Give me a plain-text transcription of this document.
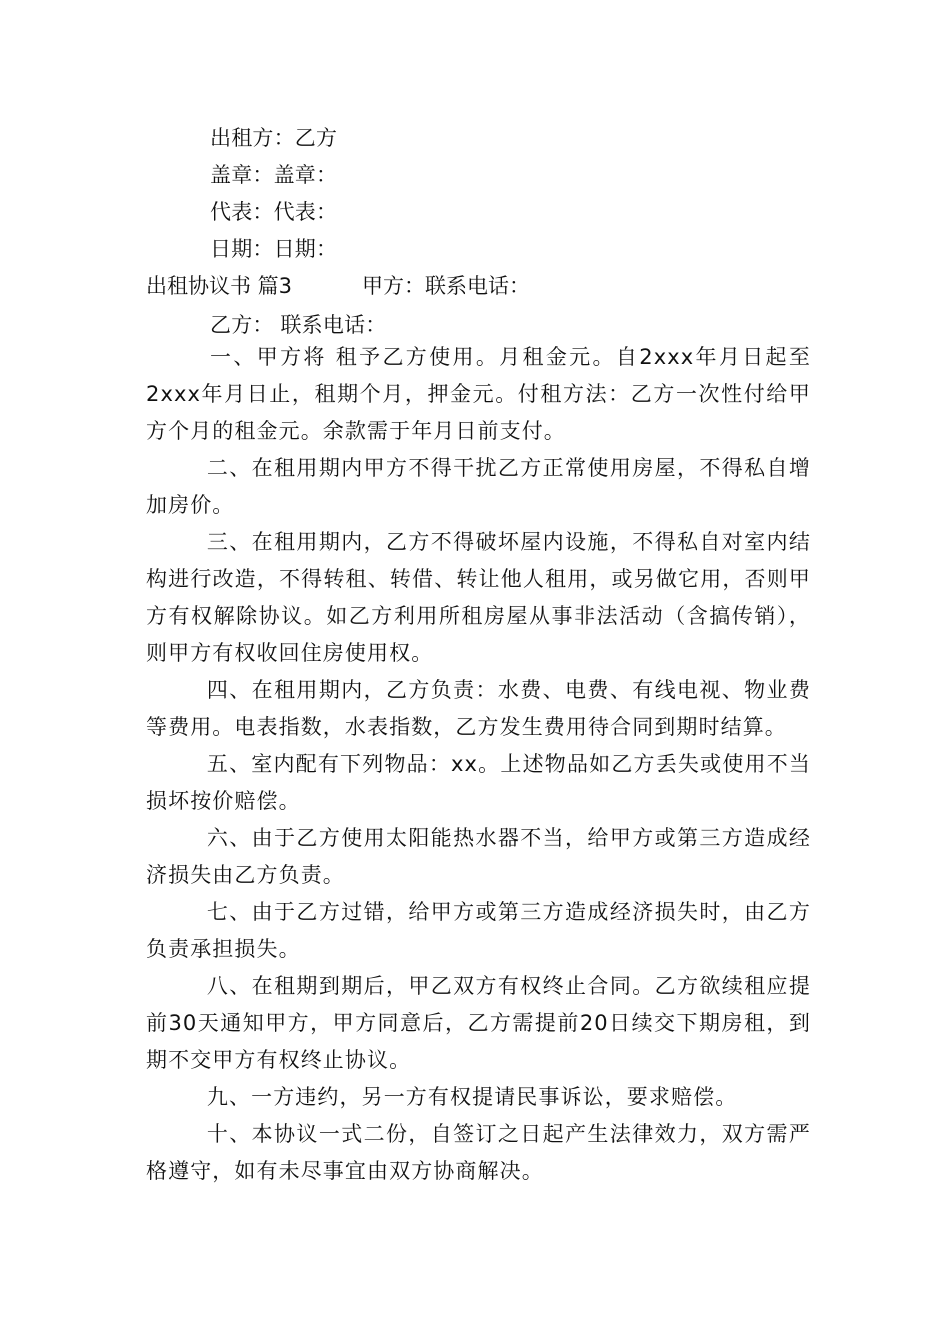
出租方：乙方
盖章：盖章：
代表：代表：
日期：日期：
出租协议书 篇3	甲方：联系电话：
乙方： 联系电话：
一、甲方将 租予乙方使用。月租金元。自2xxx年月日起至2xxx年月日止，租期个月，押金元。付租方法：乙方一次性付给甲方个月的租金元。余款需于年月日前支付。
二、在租用期内甲方不得干扰乙方正常使用房屋，不得私自增加房价。
三、在租用期内，乙方不得破坏屋内设施，不得私自对室内结构进行改造，不得转租、转借、转让他人租用，或另做它用，否则甲方有权解除协议。如乙方利用所租房屋从事非法活动（含搞传销），则甲方有权收回住房使用权。
四、在租用期内，乙方负责：水费、电费、有线电视、物业费等费用。电表指数，水表指数，乙方发生费用待合同到期时结算。
五、室内配有下列物品：xx。上述物品如乙方丢失或使用不当损坏按价赔偿。
六、由于乙方使用太阳能热水器不当，给甲方或第三方造成经济损失由乙方负责。
七、由于乙方过错，给甲方或第三方造成经济损失时，由乙方负责承担损失。
八、在租期到期后，甲乙双方有权终止合同。乙方欲续租应提前30天通知甲方，甲方同意后，乙方需提前20日续交下期房租，到期不交甲方有权终止协议。
九、一方违约，另一方有权提请民事诉讼，要求赔偿。
十、本协议一式二份，自签订之日起产生法律效力，双方需严格遵守，如有未尽事宜由双方协商解决。
